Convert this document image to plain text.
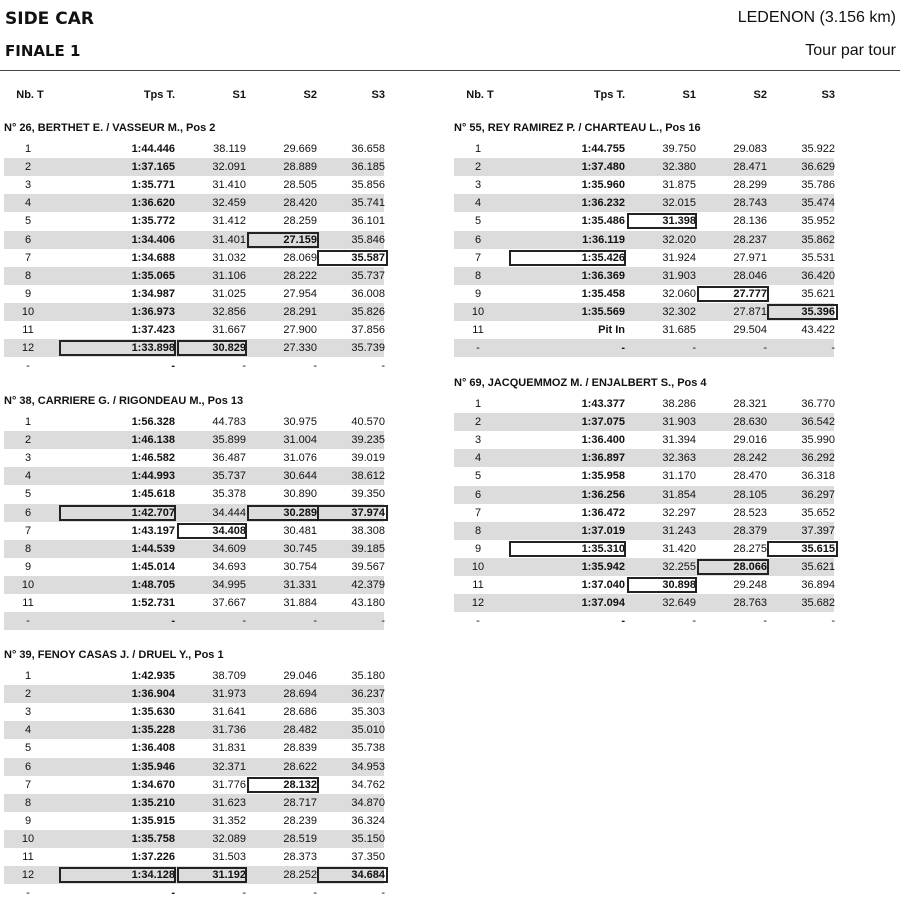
SIDE CAR
FINALE 1
LEDENON (3.156 km)
Tour par tour
Nb. T	Tps T.	S1	S2	S3	Nb. T	Tps T.	S1	S2	S3
N° 26, BERTHET E. / VASSEUR M., Pos 2
1	1:44.446	38.119	29.669	36.658
2	1:37.165	32.091	28.889	36.185
3	1:35.771	31.410	28.505	35.856
4	1:36.620	32.459	28.420	35.741
5	1:35.772	31.412	28.259	36.101
6	1:34.406	31.401	27.159	35.846
7	1:34.688	31.032	28.069	35.587
8	1:35.065	31.106	28.222	35.737
9	1:34.987	31.025	27.954	36.008
10	1:36.973	32.856	28.291	35.826
11	1:37.423	31.667	27.900	37.856
12	1:33.898	30.829	27.330	35.739
-	-	-	-	-
N° 55, REY RAMIREZ P. / CHARTEAU L., Pos 16
1	1:44.755	39.750	29.083	35.922
2	1:37.480	32.380	28.471	36.629
3	1:35.960	31.875	28.299	35.786
4	1:36.232	32.015	28.743	35.474
5	1:35.486	31.398	28.136	35.952
6	1:36.119	32.020	28.237	35.862
7	1:35.426	31.924	27.971	35.531
8	1:36.369	31.903	28.046	36.420
9	1:35.458	32.060	27.777	35.621
10	1:35.569	32.302	27.871	35.396
11	Pit In	31.685	29.504	43.422
-	-	-	-	-
N° 38, CARRIERE G. / RIGONDEAU M., Pos 13
1	1:56.328	44.783	30.975	40.570
2	1:46.138	35.899	31.004	39.235
3	1:46.582	36.487	31.076	39.019
4	1:44.993	35.737	30.644	38.612
5	1:45.618	35.378	30.890	39.350
6	1:42.707	34.444	30.289	37.974
7	1:43.197	34.408	30.481	38.308
8	1:44.539	34.609	30.745	39.185
9	1:45.014	34.693	30.754	39.567
10	1:48.705	34.995	31.331	42.379
11	1:52.731	37.667	31.884	43.180
-	-	-	-	-
N° 69, JACQUEMMOZ M. / ENJALBERT S., Pos 4
1	1:43.377	38.286	28.321	36.770
2	1:37.075	31.903	28.630	36.542
3	1:36.400	31.394	29.016	35.990
4	1:36.897	32.363	28.242	36.292
5	1:35.958	31.170	28.470	36.318
6	1:36.256	31.854	28.105	36.297
7	1:36.472	32.297	28.523	35.652
8	1:37.019	31.243	28.379	37.397
9	1:35.310	31.420	28.275	35.615
10	1:35.942	32.255	28.066	35.621
11	1:37.040	30.898	29.248	36.894
12	1:37.094	32.649	28.763	35.682
-	-	-	-	-
N° 39, FENOY CASAS J. / DRUEL Y., Pos 1
1	1:42.935	38.709	29.046	35.180
2	1:36.904	31.973	28.694	36.237
3	1:35.630	31.641	28.686	35.303
4	1:35.228	31.736	28.482	35.010
5	1:36.408	31.831	28.839	35.738
6	1:35.946	32.371	28.622	34.953
7	1:34.670	31.776	28.132	34.762
8	1:35.210	31.623	28.717	34.870
9	1:35.915	31.352	28.239	36.324
10	1:35.758	32.089	28.519	35.150
11	1:37.226	31.503	28.373	37.350
12	1:34.128	31.192	28.252	34.684
-	-	-	-	-
